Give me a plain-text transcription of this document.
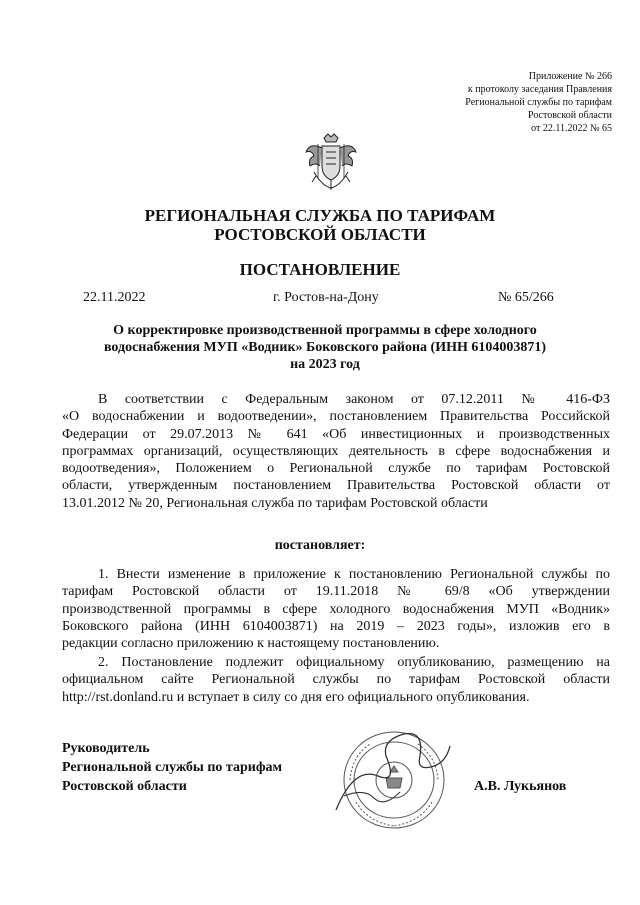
Приложение № 266
к протоколу заседания Правления
Региональной службы по тарифам
Ростовской области
от 22.11.2022 № 65
РЕГИОНАЛЬНАЯ СЛУЖБА ПО ТАРИФАМ
РОСТОВСКОЙ ОБЛАСТИ
ПОСТАНОВЛЕНИЕ
22.11.2022	г. Ростов-на-Дону	№ 65/266
О корректировке производственной программы в сфере холодного
водоснабжения МУП «Водник» Боковского района (ИНН 6104003871)
на 2023 год
В соответствии с Федеральным законом от 07.12.2011 № 416-ФЗ
«О водоснабжении и водоотведении», постановлением Правительства Российской
Федерации от 29.07.2013 № 641 «Об инвестиционных и производственных
программах организаций, осуществляющих деятельность в сфере водоснабжения и
водоотведения», Положением о Региональной службе по тарифам Ростовской
области, утвержденным постановлением Правительства Ростовской области от
13.01.2012 № 20, Региональная служба по тарифам Ростовской области
постановляет:
1. Внести изменение в приложение к постановлению Региональной службы по
тарифам Ростовской области от 19.11.2018 № 69/8 «Об утверждении
производственной программы в сфере холодного водоснабжения МУП «Водник»
Боковского района (ИНН 6104003871) на 2019 – 2023 годы», изложив его в
редакции согласно приложению к настоящему постановлению.
2. Постановление подлежит официальному опубликованию, размещению на
официальном сайте Региональной службы по тарифам Ростовской области
http://rst.donland.ru и вступает в силу со дня его официального опубликования.
Руководитель
Региональной службы по тарифам
Ростовской области	А.В. Лукьянов
